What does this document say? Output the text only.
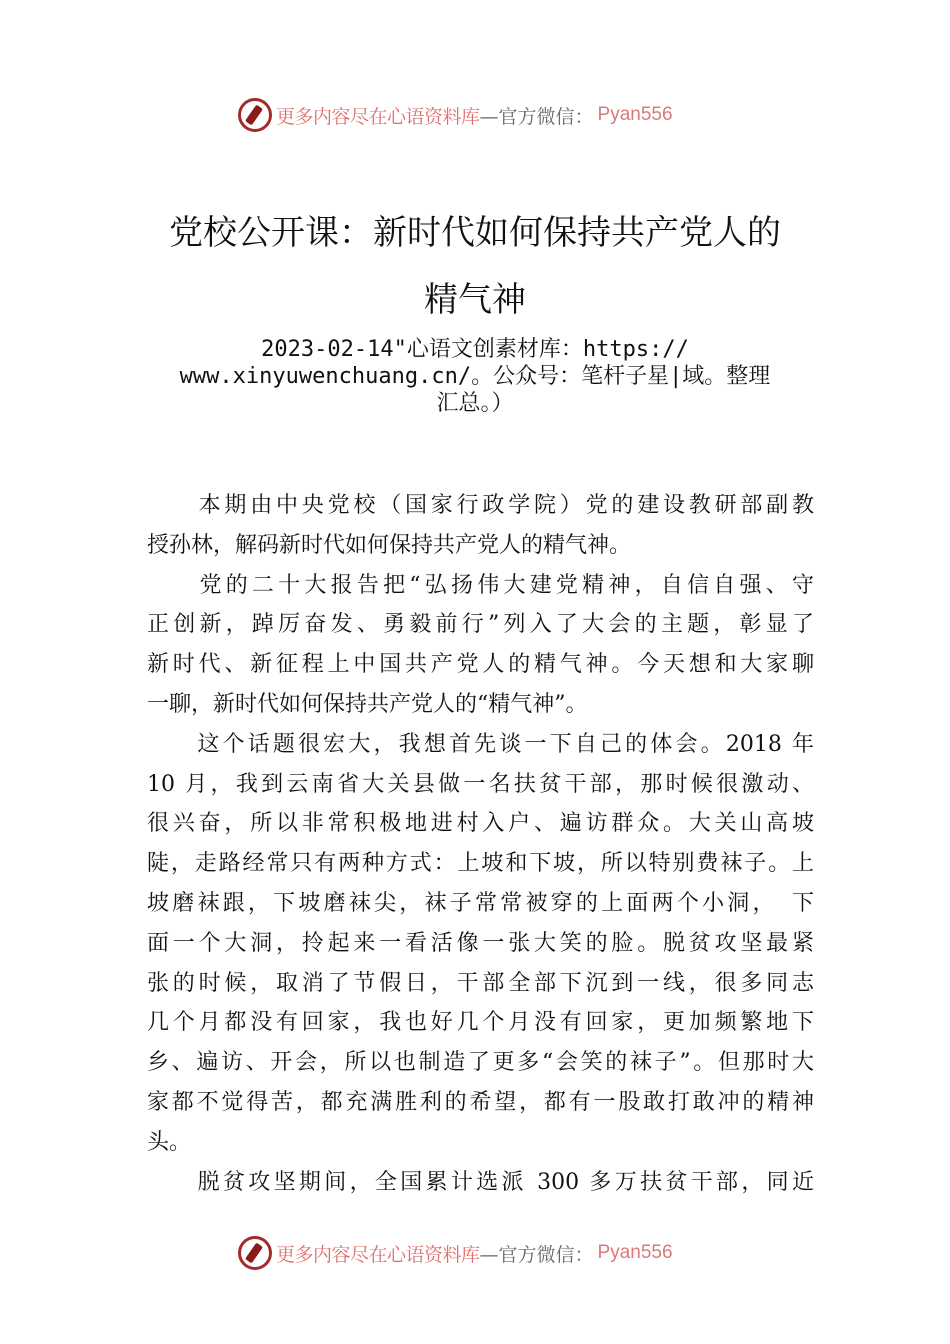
更多内容尽在心语资料库 —官方微信： Pyan556
党校公开课：新时代如何保持共产党人的
精气神
2023-02-14"心语文创素材库：https://
www.xinyuwenchuang.cn/。公众号：笔杆子星|域。整理
汇总。）
　　本期由中央党校（国家行政学院）党的建设教研部副教
授孙林，解码新时代如何保持共产党人的精气神。
　　党的二十大报告把“弘扬伟大建党精神，自信自强、守
正创新，踔厉奋发、勇毅前行”列入了大会的主题，彰显了
新时代、新征程上中国共产党人的精气神。今天想和大家聊
一聊，新时代如何保持共产党人的“精气神”。
　　这个话题很宏大，我想首先谈一下自己的体会。2018 年
10 月，我到云南省大关县做一名扶贫干部，那时候很激动、
很兴奋，所以非常积极地进村入户、遍访群众。大关山高坡
陡，走路经常只有两种方式：上坡和下坡，所以特别费袜子。上
坡磨袜跟，下坡磨袜尖，袜子常常被穿的上面两个小洞，　下
面一个大洞，拎起来一看活像一张大笑的脸。脱贫攻坚最紧
张的时候，取消了节假日，干部全部下沉到一线，很多同志
几个月都没有回家，我也好几个月没有回家，更加频繁地下
乡、遍访、开会，所以也制造了更多“会笑的袜子”。但那时大
家都不觉得苦，都充满胜利的希望，都有一股敢打敢冲的精神
头。
　　脱贫攻坚期间，全国累计选派 300 多万扶贫干部，同近
更多内容尽在心语资料库 —官方微信： Pyan556
